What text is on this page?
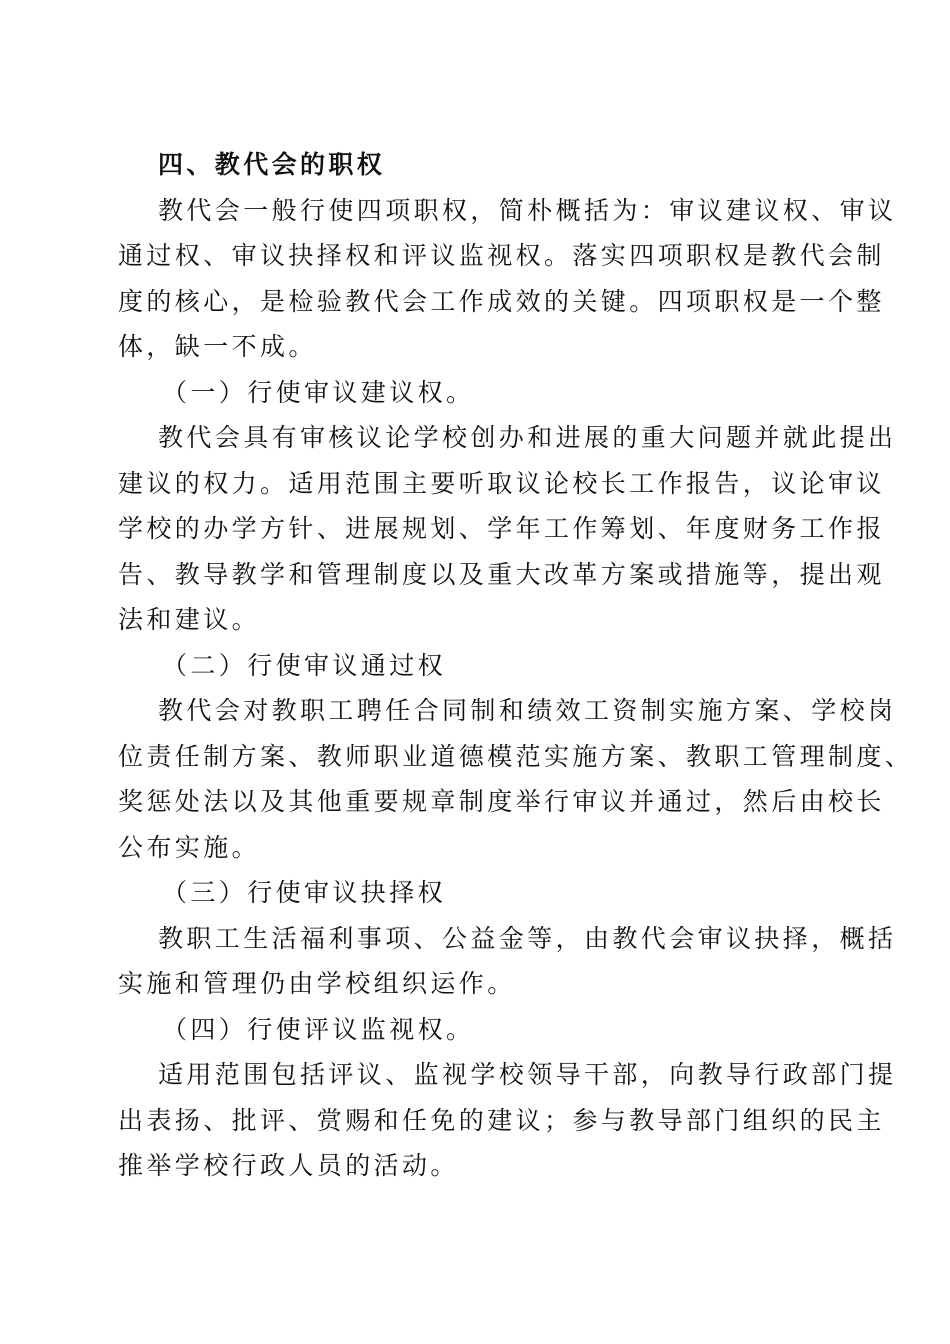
四、教代会的职权
教代会一般行使四项职权，简朴概括为：审议建议权、审议
通过权、审议抉择权和评议监视权。落实四项职权是教代会制
度的核心，是检验教代会工作成效的关键。四项职权是一个整
体，缺一不成。
（一）行使审议建议权。
教代会具有审核议论学校创办和进展的重大问题并就此提出
建议的权力。适用范围主要听取议论校长工作报告，议论审议
学校的办学方针、进展规划、学年工作筹划、年度财务工作报
告、教导教学和管理制度以及重大改革方案或措施等，提出观
法和建议。
（二）行使审议通过权
教代会对教职工聘任合同制和绩效工资制实施方案、学校岗
位责任制方案、教师职业道德模范实施方案、教职工管理制度、
奖惩处法以及其他重要规章制度举行审议并通过，然后由校长
公布实施。
（三）行使审议抉择权
教职工生活福利事项、公益金等，由教代会审议抉择，概括
实施和管理仍由学校组织运作。
（四）行使评议监视权。
适用范围包括评议、监视学校领导干部，向教导行政部门提
出表扬、批评、赏赐和任免的建议；参与教导部门组织的民主
推举学校行政人员的活动。
